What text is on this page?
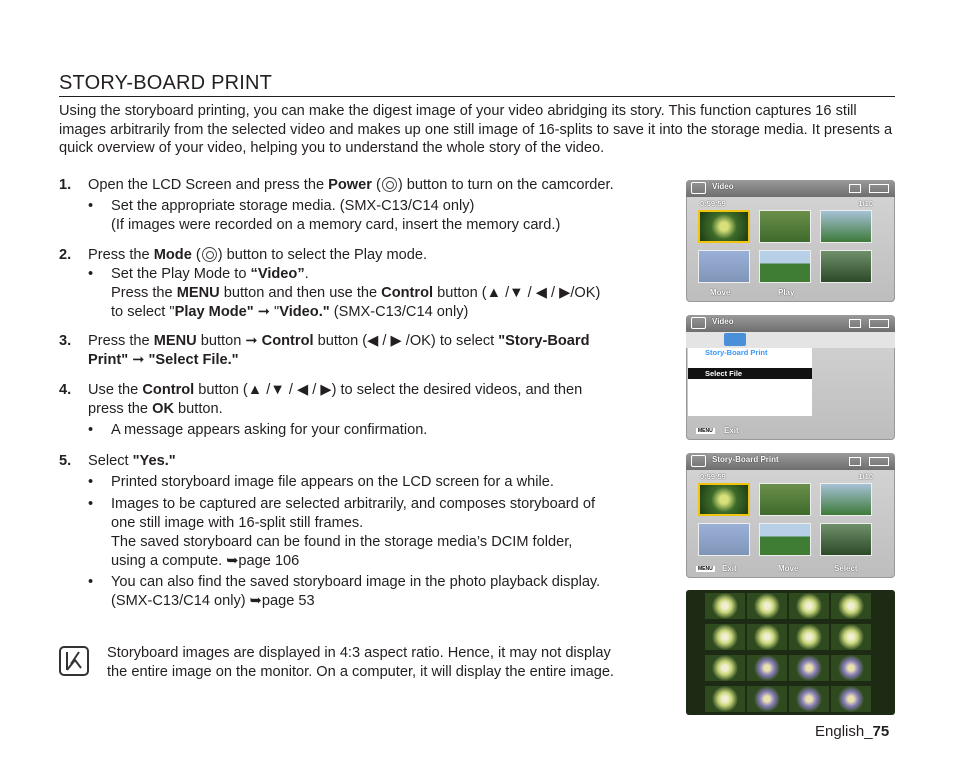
STORY-BOARD PRINT
Using the storyboard printing, you can make the digest image of your video abridging its story. This function captures 16 still images arbitrarily from the selected video and makes up one still image of 16-splits to save it into the storage media. It presents a quick overview of your video, helping you to understand the whole story of the video.
1. Open the LCD Screen and press the Power ( ) button to turn on the camcorder.
• Set the appropriate storage media. (SMX-C13/C14 only)
(If images were recorded on a memory card, insert the memory card.)
2. Press the Mode ( ) button to select the Play mode.
• Set the Play Mode to “Video”.
Press the MENU button and then use the Control button (▲ /▼ / ◀ / ▶/OK)
to select "Play Mode" ➞ "Video." (SMX-C13/C14 only)
3. Press the MENU button ➞ Control button (◀ / ▶ /OK) to select "Story-Board
Print" ➞ "Select File."
4. Use the Control button (▲ /▼ / ◀ / ▶) to select the desired videos, and then
press the OK button.
• A message appears asking for your confirmation.
5. Select "Yes."
• Printed storyboard image file appears on the LCD screen for a while.
• Images to be captured are selected arbitrarily, and composes storyboard of
one still image with 16-split still frames.
The saved storyboard can be found in the storage media’s DCIM folder,
using a compute. ➥page 106
• You can also find the saved storyboard image in the photo playback display.
(SMX-C13/C14 only) ➥page 53
Storyboard images are displayed in 4:3 aspect ratio. Hence, it may not display
the entire image on the monitor. On a computer, it will display the entire image.
Video
0:59:59	1/10
Move	Play
Video
Story-Board Print
Select File
MENU Exit
Story-Board Print
0:59:59	1/10
MENU Exit	Move	Select
English_75
